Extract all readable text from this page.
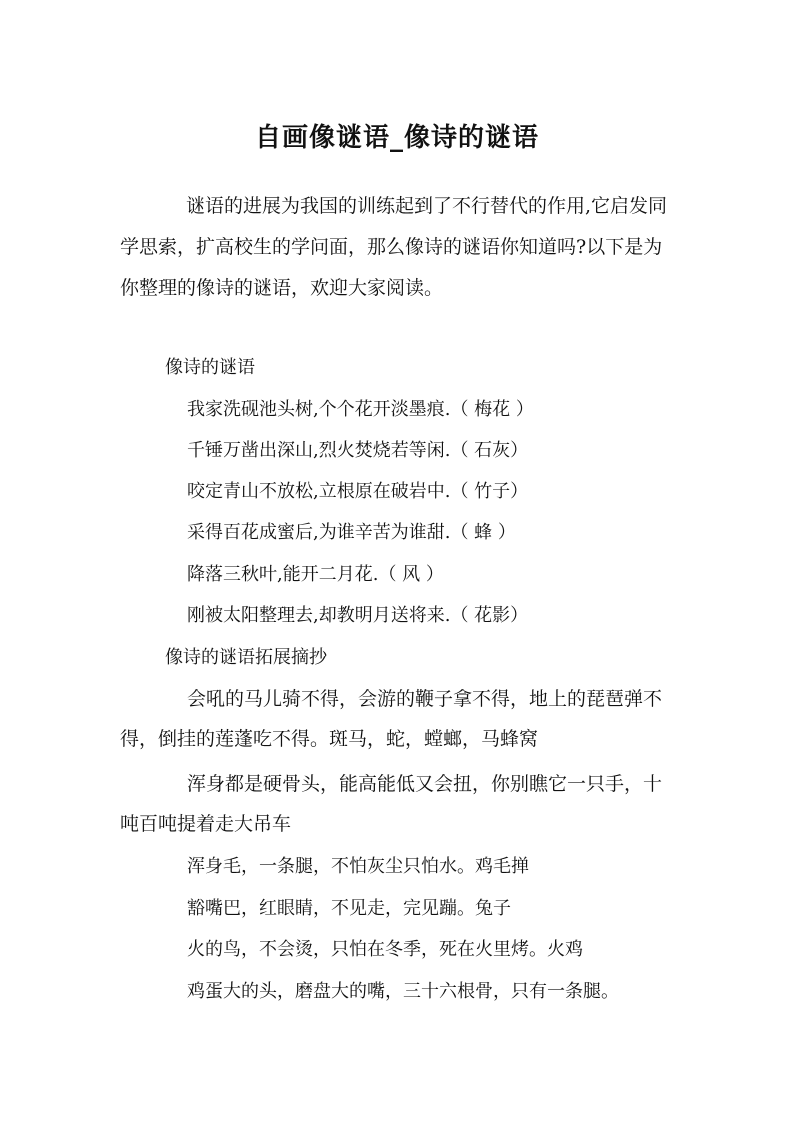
自画像谜语_像诗的谜语

谜语的进展为我国的训练起到了不行替代的作用,它启发同学思索，扩高校生的学问面，那么像诗的谜语你知道吗?以下是为你整理的像诗的谜语，欢迎大家阅读。

像诗的谜语

我家洗砚池头树,个个花开淡墨痕.（ 梅花 ）

千锤万凿出深山,烈火焚烧若等闲.（ 石灰）

咬定青山不放松,立根原在破岩中.（ 竹子）

采得百花成蜜后,为谁辛苦为谁甜.（ 蜂 ）

降落三秋叶,能开二月花.（ 风 ）

刚被太阳整理去,却教明月送将来.（ 花影）

像诗的谜语拓展摘抄

会吼的马儿骑不得，会游的鞭子拿不得，地上的琵琶弹不得，倒挂的莲蓬吃不得。斑马，蛇，螳螂，马蜂窝

浑身都是硬骨头，能高能低又会扭，你别瞧它一只手，十吨百吨提着走大吊车

浑身毛，一条腿，不怕灰尘只怕水。鸡毛掸

豁嘴巴，红眼睛，不见走，完见蹦。兔子

火的鸟，不会烫，只怕在冬季，死在火里烤。火鸡

鸡蛋大的头，磨盘大的嘴，三十六根骨，只有一条腿。
